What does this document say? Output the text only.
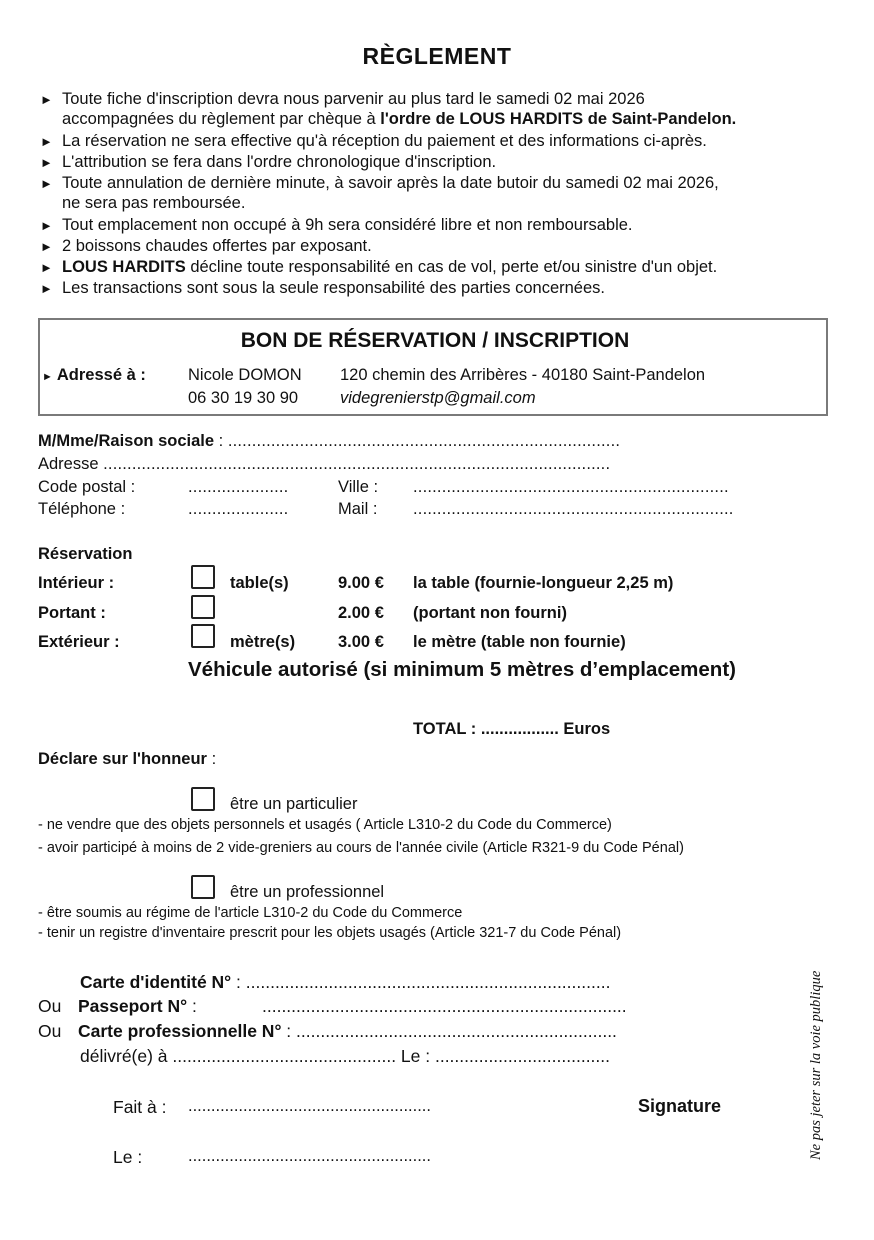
RÈGLEMENT
► Toute fiche d'inscription devra nous parvenir au plus tard le samedi 02 mai 2026
accompagnées du règlement par chèque à l'ordre de LOUS HARDITS de Saint-Pandelon.
► La réservation ne sera effective qu'à réception du paiement et des informations ci-après.
► L'attribution se fera dans l'ordre chronologique d'inscription.
► Toute annulation de dernière minute, à savoir après la date butoir du samedi 02 mai 2026,
ne sera pas remboursée.
► Tout emplacement non occupé à 9h sera considéré libre et non remboursable.
► 2 boissons chaudes offertes par exposant.
► LOUS HARDITS décline toute responsabilité en cas de vol, perte et/ou sinistre d'un objet.
► Les transactions sont sous la seule responsabilité des parties concernées.
BON DE RÉSERVATION / INSCRIPTION
► Adressé à :	Nicole DOMON 120 chemin des Arribères - 40180 Saint-Pandelon
06 30 19 30 90	videgrenierstp@gmail.com
M/Mme/Raison sociale : ..................................................................................
Adresse ..........................................................................................................
Code postal :	.....................	Ville : ..................................................................
Téléphone :	.....................	Mail : ...................................................................
Réservation
Intérieur :	table(s)	9.00 € la table (fournie-longueur 2,25 m)
Portant :	2.00 € (portant non fourni)
Extérieur :	mètre(s)	3.00 € le mètre (table non fournie)
Véhicule autorisé (si minimum 5 mètres d’emplacement)
TOTAL : ................. Euros
Déclare sur l'honneur :
être un particulier
- ne vendre que des objets personnels et usagés ( Article L310-2 du Code du Commerce)
- avoir participé à moins de 2 vide-greniers au cours de l'année civile (Article R321-9 du Code Pénal)
être un professionnel
- être soumis au régime de l'article L310-2 du Code du Commerce
- tenir un registre d'inventaire prescrit pour les objets usagés (Article 321-7 du Code Pénal)
Carte d'identité N° : ...........................................................................
Ou Passeport N° :	...........................................................................
Ou Carte professionnelle N° : ..................................................................
délivré(e) à .............................................. Le : ....................................
Fait à : .....................................................	Signature
Le :	.....................................................	Ne pas jeter sur la voie publique
